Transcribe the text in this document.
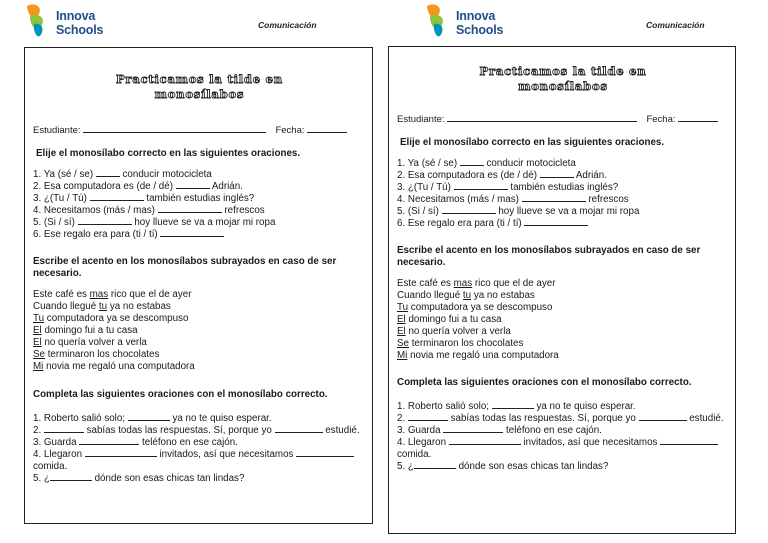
Innova
Schools	Comunicación
Practicamos la tilde en
monosílabos
Estudiante:	Fecha:
Elije el monosílabo correcto en las siguientes oraciones.
1. Ya (sé / se)  conducir motocicleta
2. Esa computadora es (de / dé)	Adrián.
3. ¿(Tu / Tú)	también estudias inglés?
4. Necesitamos (más / mas)	refrescos
5. (Si / sí)	hoy llueve se va a mojar mi ropa
6. Ese regalo era para (ti / tí)
Escribe el acento en los monosílabos subrayados en caso de ser necesario.
Este café es mas rico que el de ayer
Cuando llegué tu ya no estabas
Tu computadora ya se descompuso
El domingo fui a tu casa
El no quería volver a verla
Se terminaron los chocolates
Mi novia me regaló una computadora
Completa las siguientes oraciones con el monosílabo correcto.
1. Roberto salió solo;	ya no te quiso esperar.
2.	sabías todas las respuestas. Sí, porque yo	estudié.
3. Guarda	teléfono en ese cajón.
4. Llegaron	invitados, así que necesitamos  comida.
5. ¿	dónde son esas chicas tan lindas?
Innova
Schools	Comunicación
Practicamos la tilde en
monosílabos
Estudiante:	Fecha:
Elije el monosílabo correcto en las siguientes oraciones.
1. Ya (sé / se)  conducir motocicleta
2. Esa computadora es (de / dé)	Adrián.
3. ¿(Tu / Tú)	también estudias inglés?
4. Necesitamos (más / mas)	refrescos
5. (Si / sí)	hoy llueve se va a mojar mi ropa
6. Ese regalo era para (ti / tí)
Escribe el acento en los monosílabos subrayados en caso de ser necesario.
Este café es mas rico que el de ayer
Cuando llegué tu ya no estabas
Tu computadora ya se descompuso
El domingo fui a tu casa
El no quería volver a verla
Se terminaron los chocolates
Mi novia me regaló una computadora
Completa las siguientes oraciones con el monosílabo correcto.
1. Roberto salió solo;	ya no te quiso esperar.
2.	sabías todas las respuestas. Sí, porque yo	estudié.
3. Guarda	teléfono en ese cajón.
4. Llegaron	invitados, así que necesitamos  comida.
5. ¿	dónde son esas chicas tan lindas?
